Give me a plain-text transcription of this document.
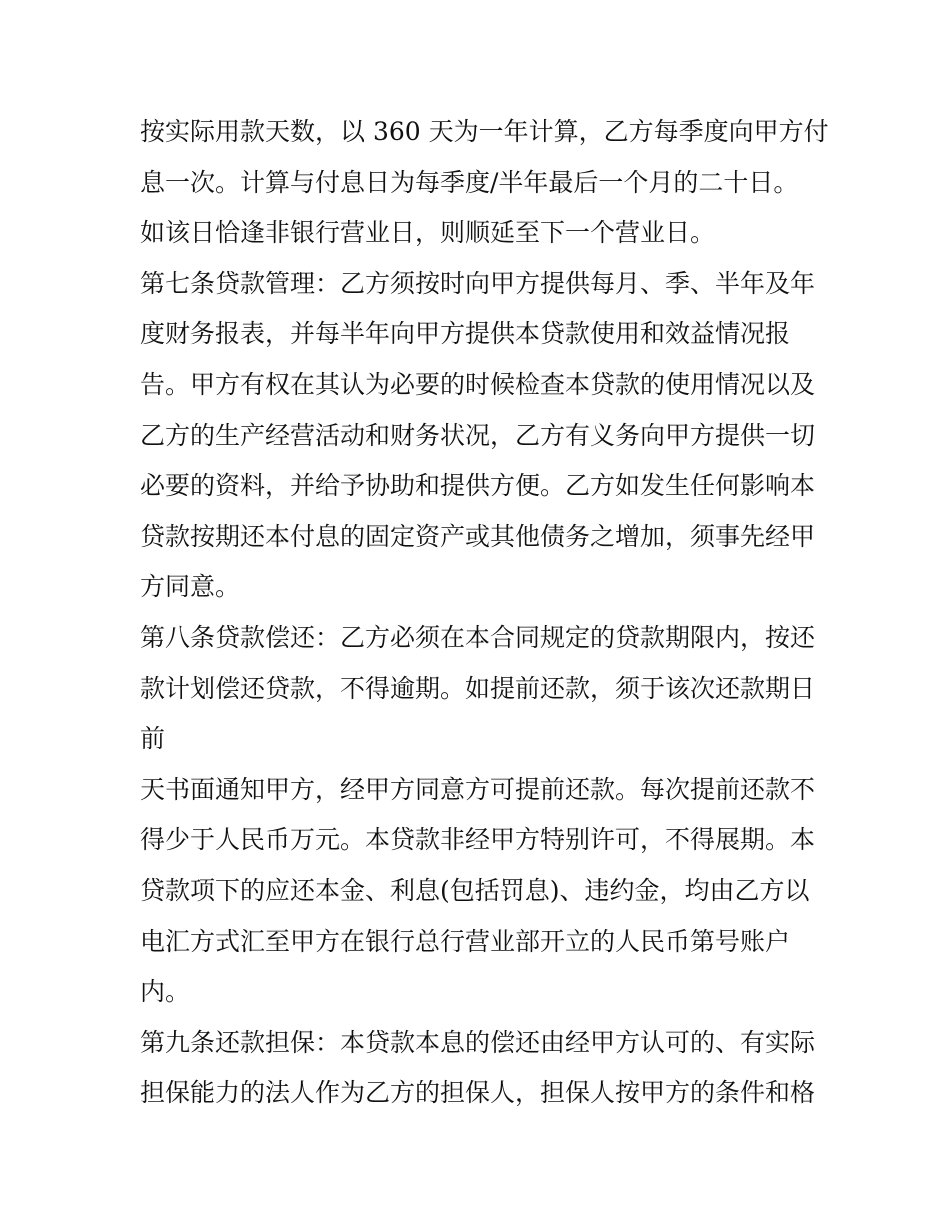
按实际用款天数，以 360 天为一年计算，乙方每季度向甲方付
息一次。计算与付息日为每季度/半年最后一个月的二十日。
如该日恰逢非银行营业日，则顺延至下一个营业日。
第七条贷款管理：乙方须按时向甲方提供每月、季、半年及年
度财务报表，并每半年向甲方提供本贷款使用和效益情况报
告。甲方有权在其认为必要的时候检查本贷款的使用情况以及
乙方的生产经营活动和财务状况，乙方有义务向甲方提供一切
必要的资料，并给予协助和提供方便。乙方如发生任何影响本
贷款按期还本付息的固定资产或其他债务之增加，须事先经甲
方同意。
第八条贷款偿还：乙方必须在本合同规定的贷款期限内，按还
款计划偿还贷款，不得逾期。如提前还款，须于该次还款期日
前
天书面通知甲方，经甲方同意方可提前还款。每次提前还款不
得少于人民币万元。本贷款非经甲方特别许可，不得展期。本
贷款项下的应还本金、利息(包括罚息)、违约金，均由乙方以
电汇方式汇至甲方在银行总行营业部开立的人民币第号账户
内。
第九条还款担保：本贷款本息的偿还由经甲方认可的、有实际
担保能力的法人作为乙方的担保人，担保人按甲方的条件和格
